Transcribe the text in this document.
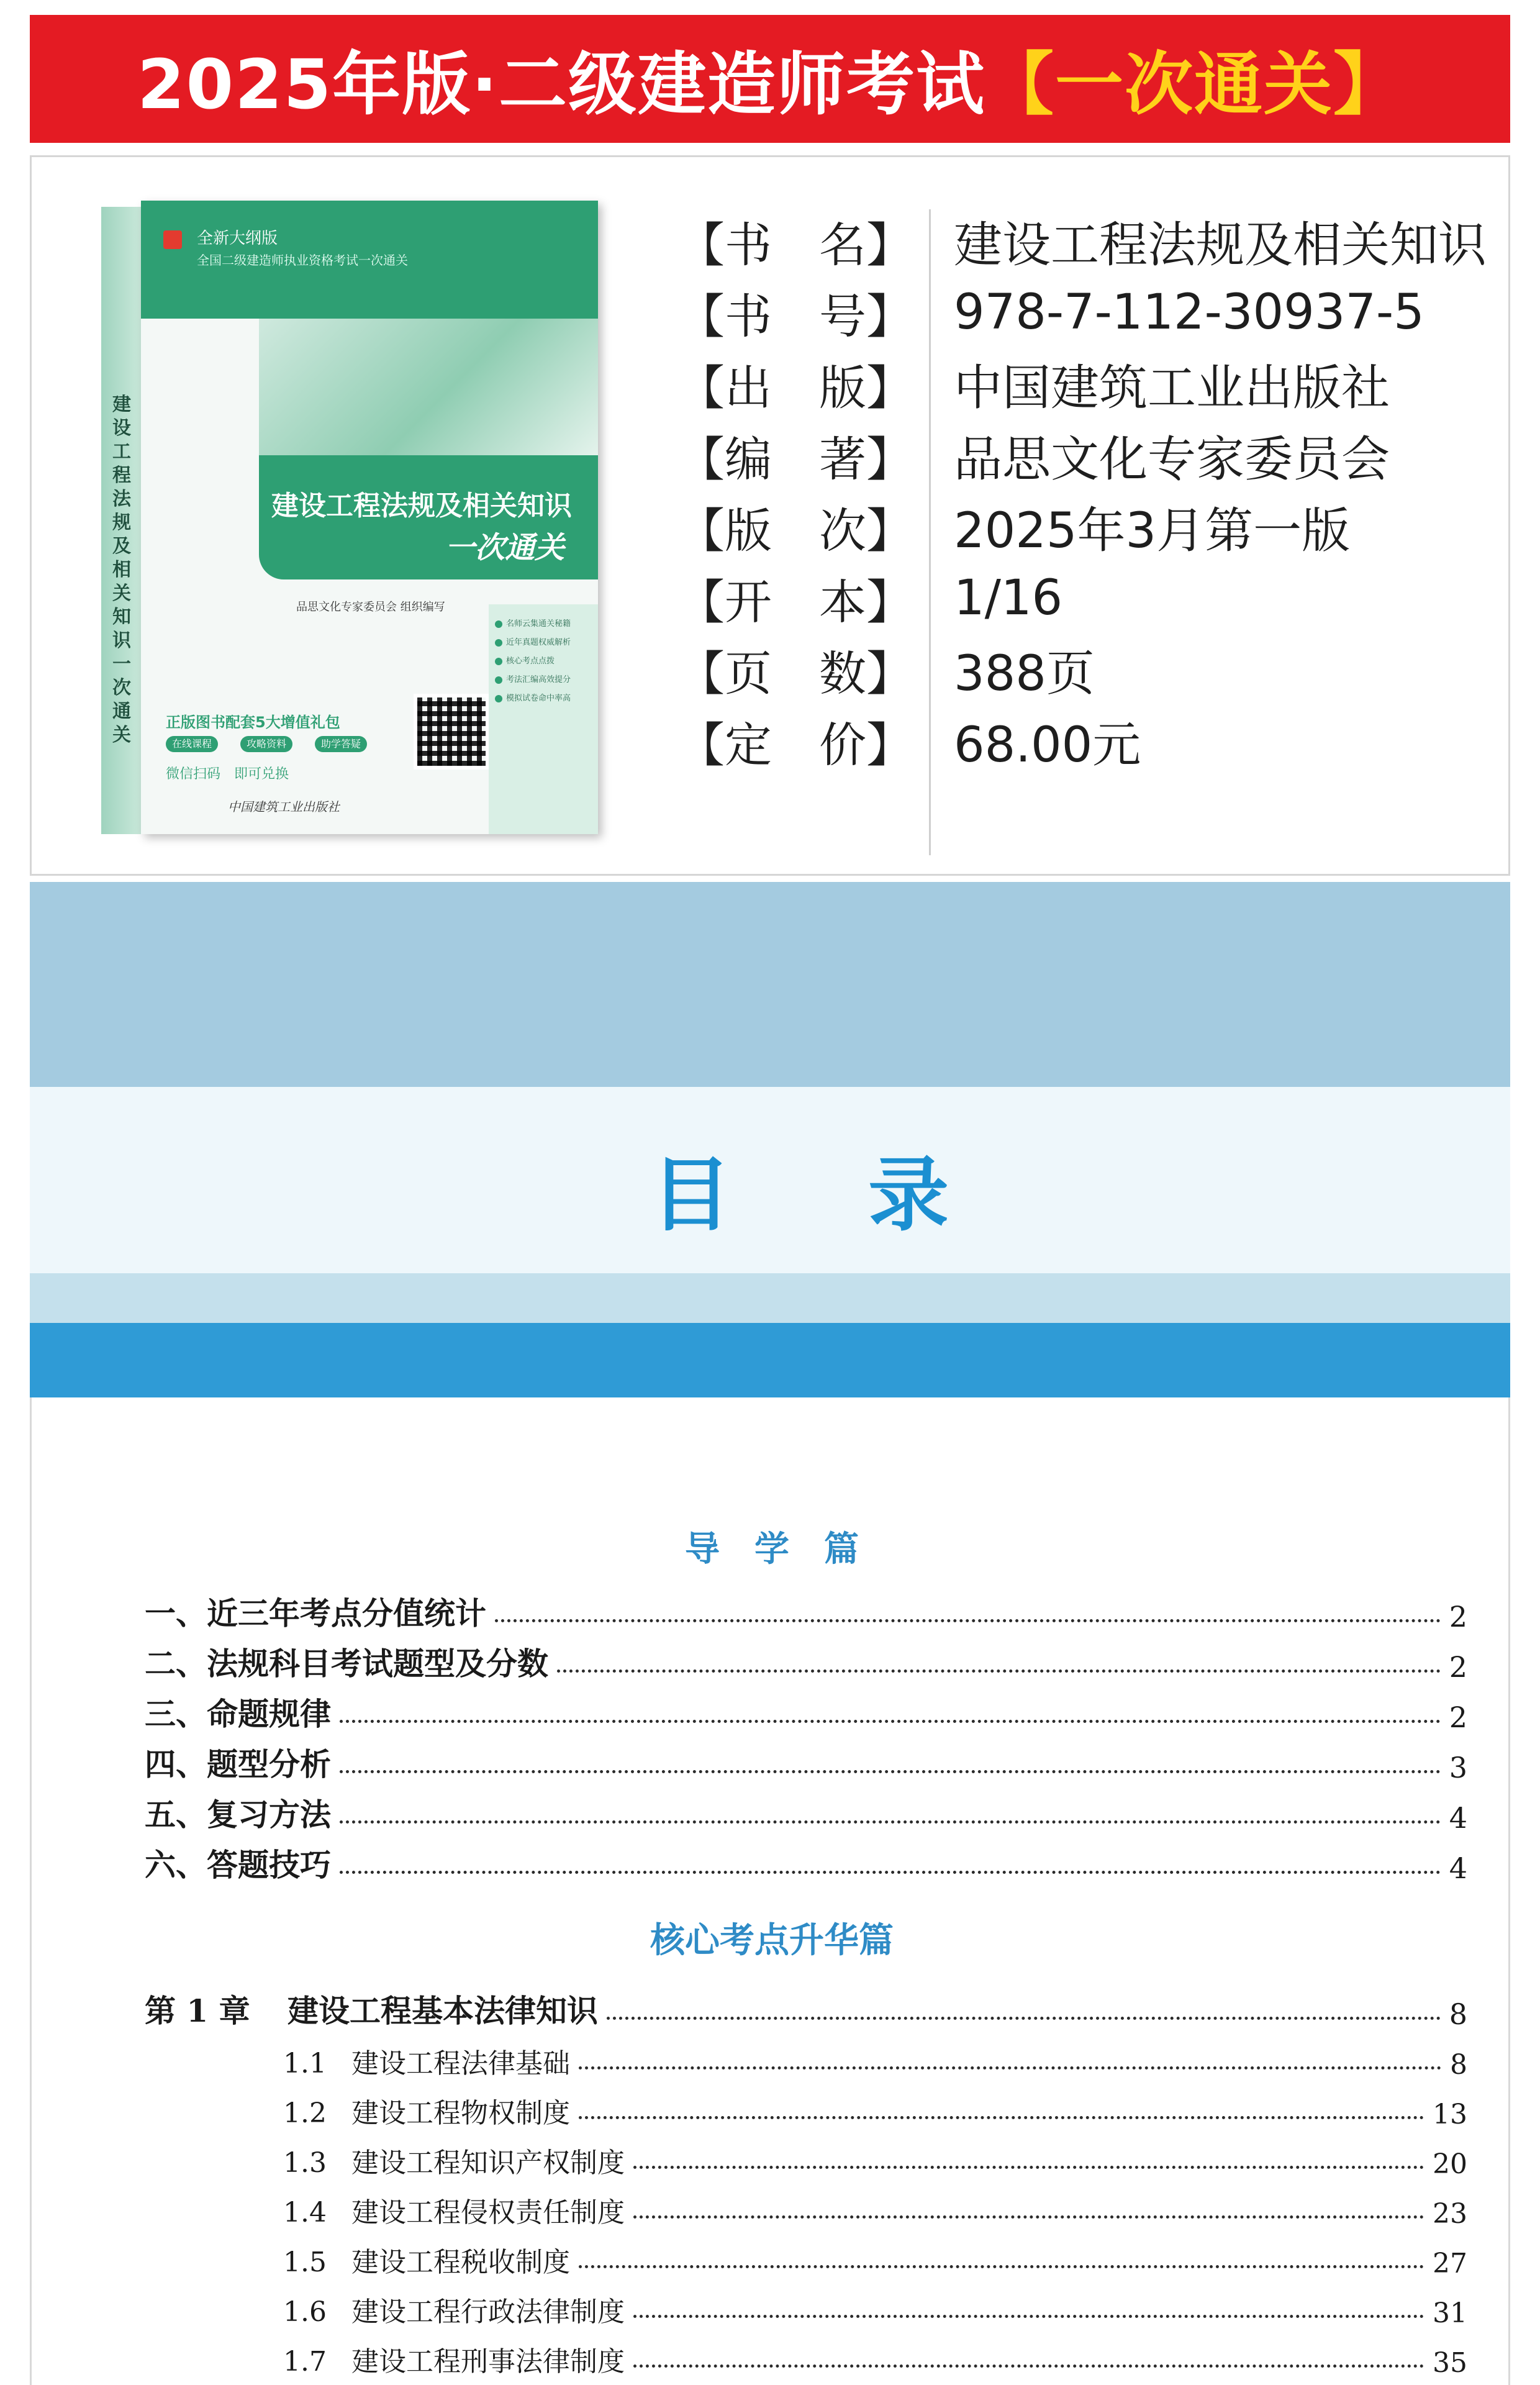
2025年版·二级建造师考试 【一次通关】
【书　名】 建设工程法规及相关知识
【书　号】 978-7-112-30937-5
【出　版】 中国建筑工业出版社
【编　著】 品思文化专家委员会
【版　次】 2025年3月第一版
【开　本】 1/16
【页　数】 388页
【定　价】 68.00元
建设工程法规及相关知识一次通关
全新大纲版
全国二级建造师执业资格考试一次通关
建设工程法规及相关知识
一次通关
品思文化专家委员会 组织编写
正版图书配套5大增值礼包
在线课程	攻略资料	助学答疑
微信扫码　即可兑换
名师云集通关秘籍
近年真题权威解析
核心考点点拨
考法汇编高效提分
模拟试卷命中率高
中国建筑工业出版社
目录
导　学　篇
一、近三年考点分值统计	2
二、法规科目考试题型及分数	2
三、命题规律	2
四、题型分析	3
五、复习方法	4
六、答题技巧	4
核心考点升华篇
第 1 章 建设工程基本法律知识	8
1.1 建设工程法律基础	8
1.2 建设工程物权制度	13
1.3 建设工程知识产权制度	20
1.4 建设工程侵权责任制度	23
1.5 建设工程税收制度	27
1.6 建设工程行政法律制度	31
1.7 建设工程刑事法律制度	35
